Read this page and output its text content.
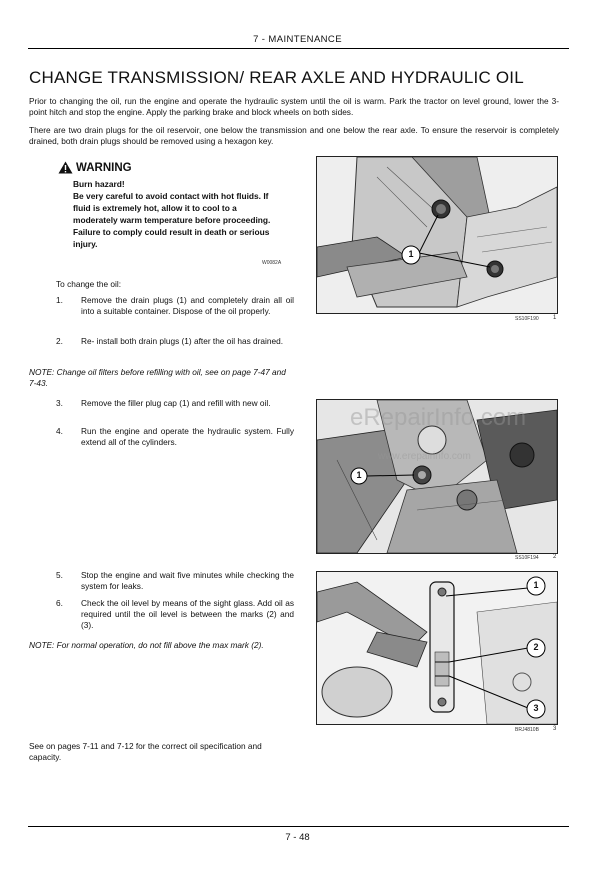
7 - MAINTENANCE
CHANGE TRANSMISSION/ REAR AXLE AND HYDRAULIC OIL
Prior to changing the oil, run the engine and operate the hydraulic system until the oil is warm. Park the tractor on level ground, lower the 3- point hitch and stop the engine. Apply the parking brake and block wheels on both sides.
There are two drain plugs for the oil reservoir, one below the transmission and one below the rear axle. To ensure the reservoir is completely drained, both drain plugs should be removed using a hexagon key.
WARNING
Burn hazard!
Be very careful to avoid contact with hot fluids. If fluid is extremely hot, allow it to cool to a moderately warm temperature before proceeding.
Failure to comply could result in death or serious injury.
W0082A
To change the oil:
1. Remove the drain plugs (1) and completely drain all oil into a suitable container. Dispose of the oil properly.
2. Re- install both drain plugs (1) after the oil has drained.
NOTE: Change oil filters before refilling with oil, see on page 7-47 and 7-43.
3. Remove the filler plug cap (1) and refill with new oil.
4. Run the engine and operate the hydraulic system. Fully extend all of the cylinders.
5. Stop the engine and wait five minutes while checking the system for leaks.
6. Check the oil level by means of the sight glass. Add oil as required until the oil level is between the marks (2) and (3).
NOTE: For normal operation, do not fill above the max mark (2).
See on pages 7-11 and 7-12 for the correct oil specification and capacity.
1
SS10F190 1
1
SS10F194 2
1
2
3
BRJ4810B 3
eRepairInfo.com
www.erepairinfo.com
7 - 48
